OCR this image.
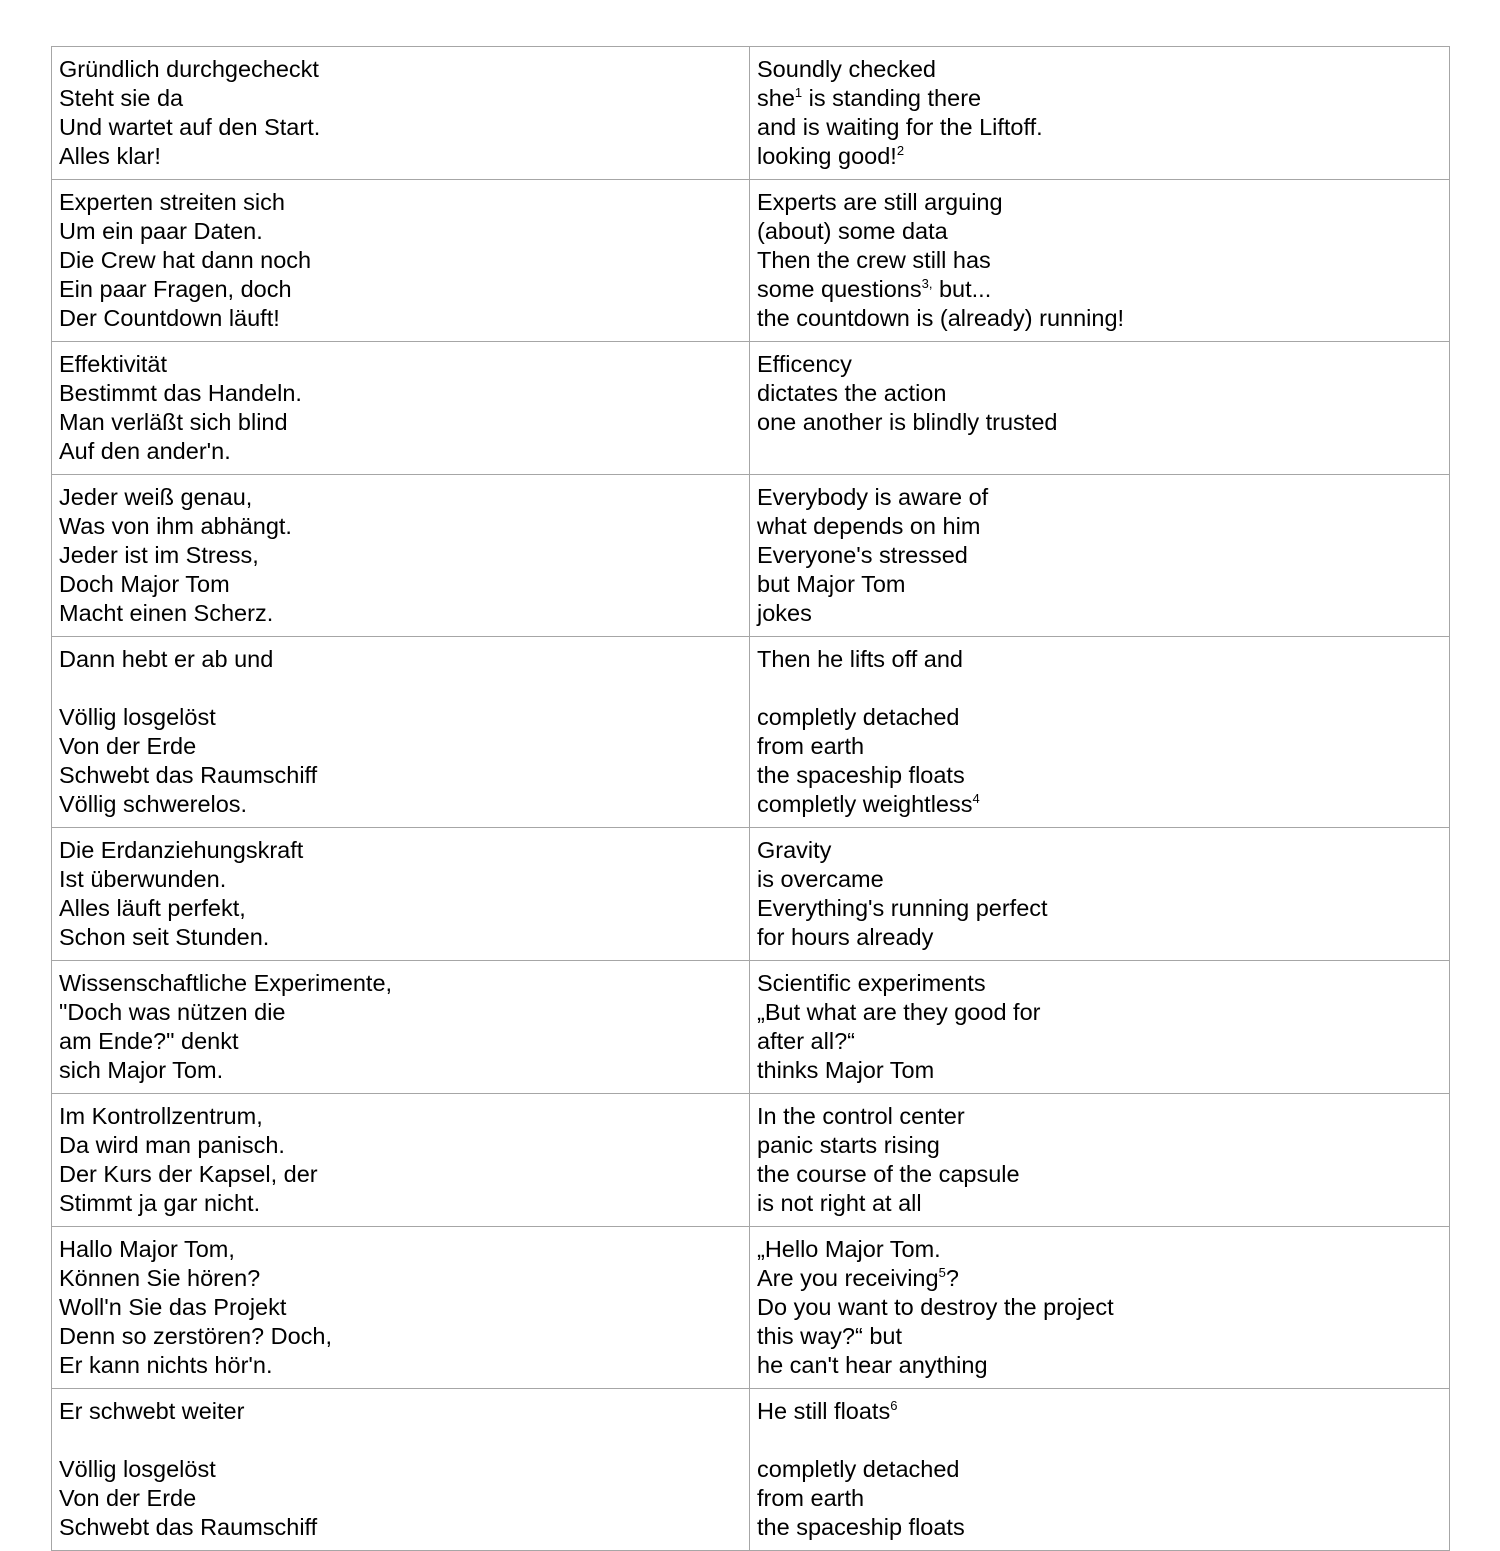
Gründlich durchgecheckt
Steht sie da
Und wartet auf den Start.
Alles klar!	Soundly checked
she$^1$ is standing there
and is waiting for the Liftoff.
looking good!$^2$

Experten streiten sich
Um ein paar Daten.
Die Crew hat dann noch
Ein paar Fragen, doch
Der Countdown läuft!	Experts are still arguing
(about) some data
Then the crew still has
some questions$^{3,}$ but...
the countdown is (already) running!

Effektivität
Bestimmt das Handeln.
Man verläßt sich blind
Auf den ander'n.	Efficency
dictates the action
one another is blindly trusted

Jeder weiß genau,
Was von ihm abhängt.
Jeder ist im Stress,
Doch Major Tom
Macht einen Scherz.	Everybody is aware of
what depends on him
Everyone's stressed
but Major Tom
jokes

Dann hebt er ab und
Völlig losgelöst
Von der Erde
Schwebt das Raumschiff
Völlig schwerelos.	Then he lifts off and
completly detached
from earth
the spaceship floats
completly weightless$^4$

Die Erdanziehungskraft
Ist überwunden.
Alles läuft perfekt,
Schon seit Stunden.	Gravity
is overcame
Everything's running perfect
for hours already

Wissenschaftliche Experimente,
"Doch was nützen die
am Ende?" denkt
sich Major Tom.	Scientific experiments
„But what are they good for
after all?“
thinks Major Tom

Im Kontrollzentrum,
Da wird man panisch.
Der Kurs der Kapsel, der
Stimmt ja gar nicht.	In the control center
panic starts rising
the course of the capsule
is not right at all

Hallo Major Tom,
Können Sie hören?
Woll'n Sie das Projekt
Denn so zerstören? Doch,
Er kann nichts hör'n.	„Hello Major Tom.
Are you receiving$^5$?
Do you want to destroy the project
this way?“ but
he can't hear anything

Er schwebt weiter
Völlig losgelöst
Von der Erde
Schwebt das Raumschiff	He still floats$^6$
completly detached
from earth
the spaceship floats
